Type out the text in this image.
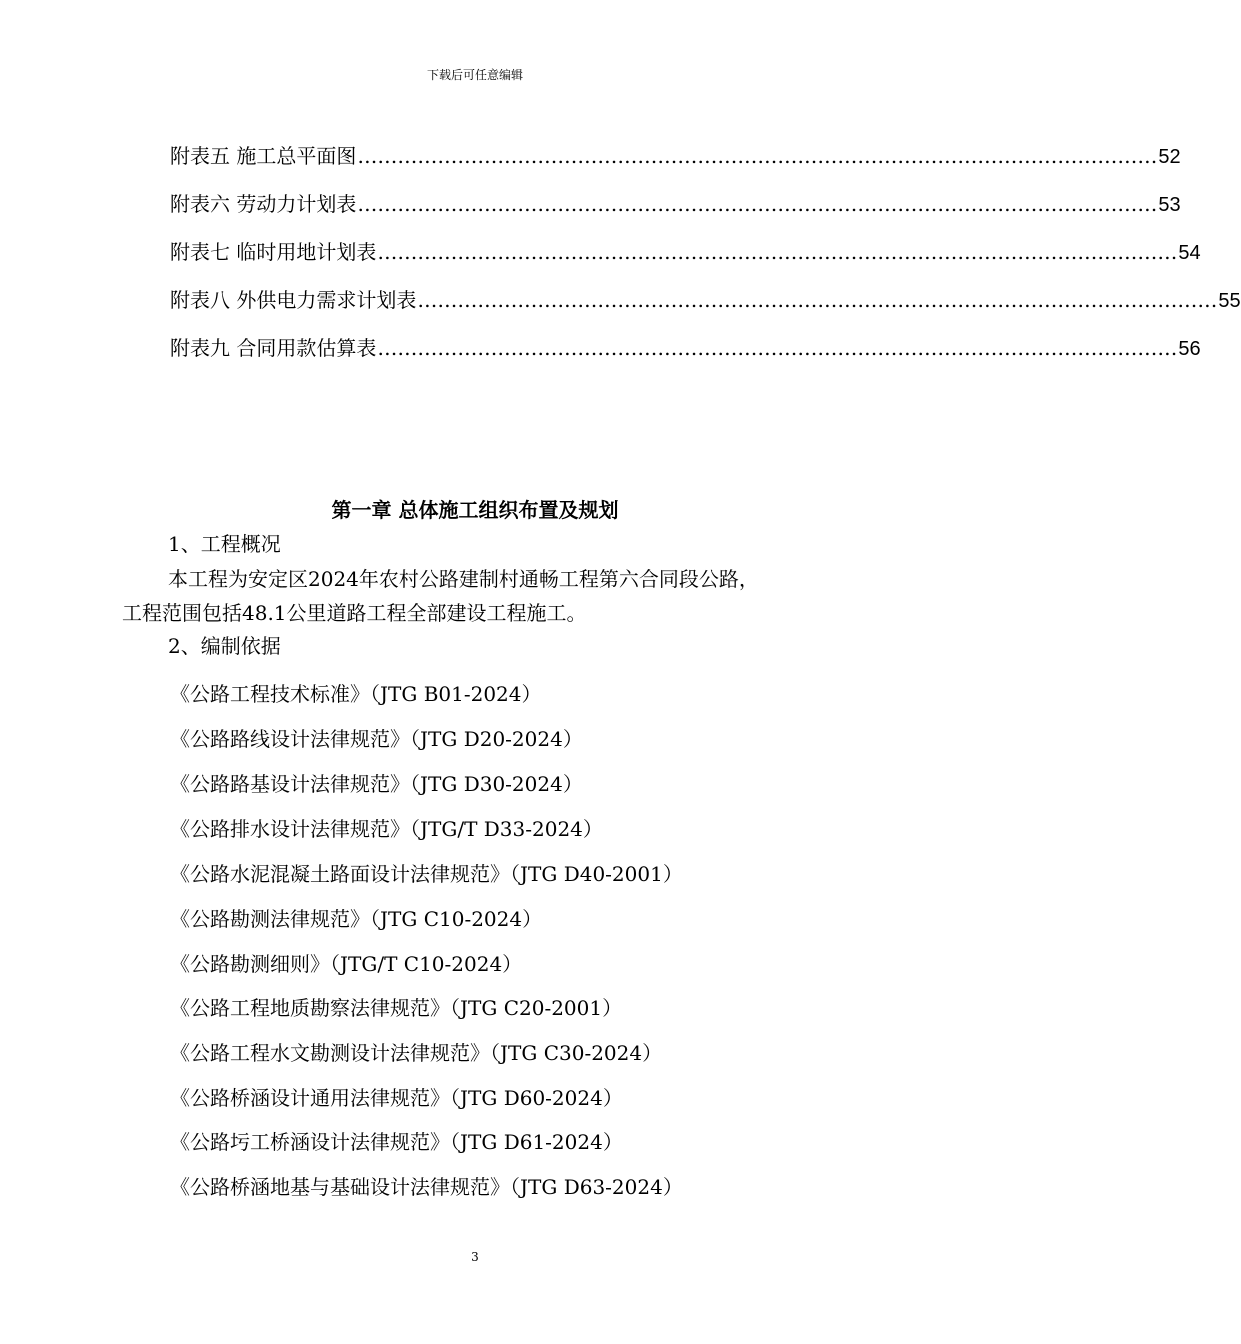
下载后可任意编辑
附表五 施工总平面图 ………………………………………………………………………………………………………… 52
附表六 劳动力计划表 ………………………………………………………………………………………………………… 53
附表七 临时用地计划表 ………………………………………………………………………………………………………… 54
附表八 外供电力需求计划表 ………………………………………………………………………………………………………… 55
附表九 合同用款估算表 ………………………………………………………………………………………………………… 56
第一章 总体施工组织布置及规划
1、工程概况
本工程为安定区2024年农村公路建制村通畅工程第六合同段公路，
工程范围包括48.1公里道路工程全部建设工程施工。
2、编制依据
《公路工程技术标准》（JTG B01-2024）
《公路路线设计法律规范》（JTG D20-2024）
《公路路基设计法律规范》（JTG D30-2024）
《公路排水设计法律规范》（JTG/T D33-2024）
《公路水泥混凝土路面设计法律规范》（JTG D40-2001）
《公路勘测法律规范》（JTG C10-2024）
《公路勘测细则》（JTG/T C10-2024）
《公路工程地质勘察法律规范》（JTG C20-2001）
《公路工程水文勘测设计法律规范》（JTG C30-2024）
《公路桥涵设计通用法律规范》（JTG D60-2024）
《公路圬工桥涵设计法律规范》（JTG D61-2024）
《公路桥涵地基与基础设计法律规范》（JTG D63-2024）
3
